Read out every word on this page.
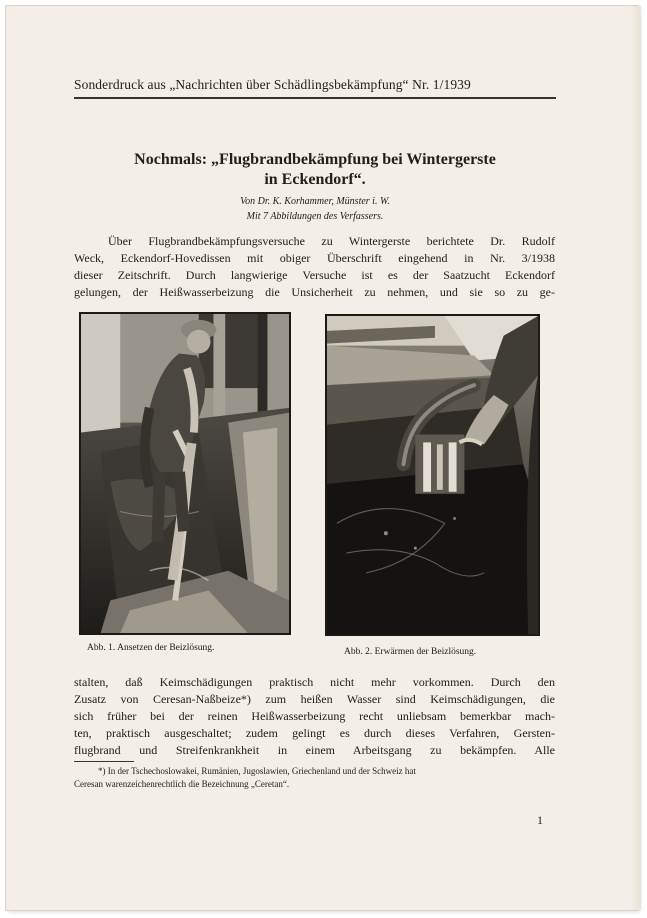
Sonderdruck aus „Nachrichten über Schädlingsbekämpfung“ Nr. 1/1939
Nochmals: „Flugbrandbekämpfung bei Wintergerste
in Eckendorf“.
Von Dr. K. Korhammer, Münster i. W.
Mit 7 Abbildungen des Verfassers.
Über Flugbrandbekämpfungsversuche zu Wintergerste berichtete Dr. Rudolf
Weck, Eckendorf-Hovedissen mit obiger Überschrift eingehend in Nr. 3/1938
dieser Zeitschrift. Durch langwierige Versuche ist es der Saatzucht Eckendorf
gelungen, der Heißwasserbeizung die Unsicherheit zu nehmen, und sie so zu ge-
Abb. 1. Ansetzen der Beizlösung.	Abb. 2. Erwärmen der Beizlösung.
stalten, daß Keimschädigungen praktisch nicht mehr vorkommen. Durch den
Zusatz von Ceresan-Naßbeize*) zum heißen Wasser sind Keimschädigungen, die
sich früher bei der reinen Heißwasserbeizung recht unliebsam bemerkbar mach-
ten, praktisch ausgeschaltet; zudem gelingt es durch dieses Verfahren, Gersten-
flugbrand und Streifenkrankheit in einem Arbeitsgang zu bekämpfen. Alle
*) In der Tschechoslowakei, Rumänien, Jugoslawien, Griechenland und der Schweiz hat
Ceresan warenzeichenrechtlich die Bezeichnung „Ceretan“.
1
